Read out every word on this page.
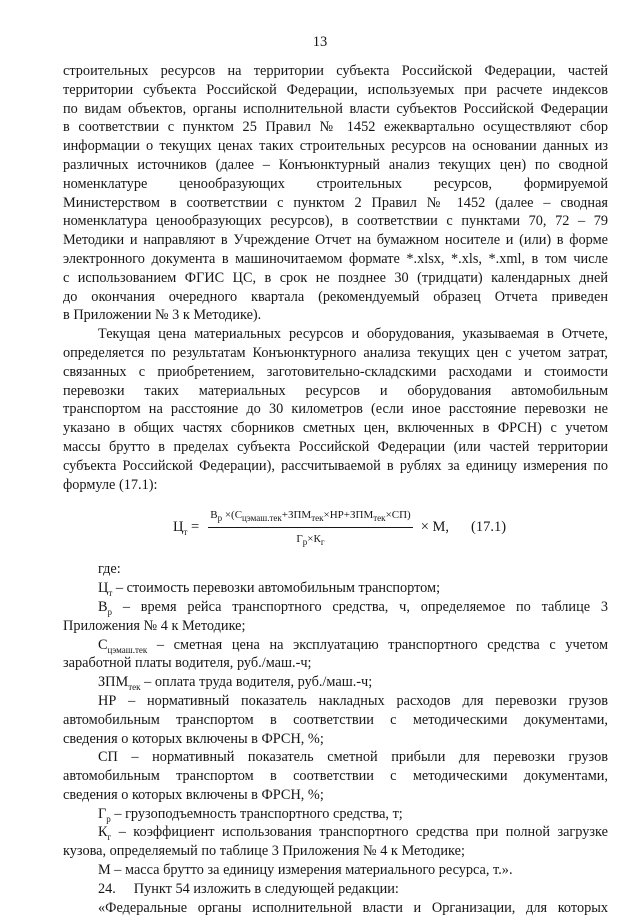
13
строительных ресурсов на территории субъекта Российской Федерации, частей
территории субъекта Российской Федерации, используемых при расчете индексов
по видам объектов, органы исполнительной власти субъектов Российской Федерации
в соответствии с пунктом 25 Правил № 1452 ежеквартально осуществляют сбор
информации о текущих ценах таких строительных ресурсов на основании данных из
различных источников (далее – Конъюнктурный анализ текущих цен) по сводной
номенклатуре ценообразующих строительных ресурсов, формируемой
Министерством в соответствии с пунктом 2 Правил № 1452 (далее – сводная
номенклатура ценообразующих ресурсов), в соответствии с пунктами 70, 72 – 79
Методики и направляют в Учреждение Отчет на бумажном носителе и (или) в форме
электронного документа в машиночитаемом формате *.xlsx, *.xls, *.xml, в том числе
с использованием ФГИС ЦС, в срок не позднее 30 (тридцати) календарных дней
до окончания очередного квартала (рекомендуемый образец Отчета приведен
в Приложении № 3 к Методике).
Текущая цена материальных ресурсов и оборудования, указываемая в Отчете,
определяется по результатам Конъюнктурного анализа текущих цен с учетом затрат,
связанных с приобретением, заготовительно-складскими расходами и стоимости
перевозки таких материальных ресурсов и оборудования автомобильным
транспортом на расстояние до 30 километров (если иное расстояние перевозки не
указано в общих частях сборников сметных цен, включенных в ФРСН) с учетом
массы брутто в пределах субъекта Российской Федерации (или частей территории
субъекта Российской Федерации), рассчитываемой в рублях за единицу измерения по
формуле (17.1):
$Ц_т = \frac{В_р \times(С_{цэмаш.тек}+ЗПМ_{тек}\times НР+ЗПМ_{тек}\times СП)}{Г_р\times К_г} \times М$, (17.1)
где:
$Ц_т$ – стоимость перевозки автомобильным транспортом;
$В_р$ – время рейса транспортного средства, ч, определяемое по таблице 3
Приложения № 4 к Методике;
$С_{цэмаш.тек}$ – сметная цена на эксплуатацию транспортного средства с учетом
заработной платы водителя, руб./маш.-ч;
$ЗПМ_{тек}$ – оплата труда водителя, руб./маш.-ч;
НР – нормативный показатель накладных расходов для перевозки грузов
автомобильным транспортом в соответствии с методическими документами,
сведения о которых включены в ФРСН, %;
СП – нормативный показатель сметной прибыли для перевозки грузов
автомобильным транспортом в соответствии с методическими документами,
сведения о которых включены в ФРСН, %;
$Г_р$ – грузоподъемность транспортного средства, т;
$К_г$ – коэффициент использования транспортного средства при полной загрузке
кузова, определяемый по таблице 3 Приложения № 4 к Методике;
М – масса брутто за единицу измерения материального ресурса, т.».
24. Пункт 54 изложить в следующей редакции:
«Федеральные органы исполнительной власти и Организации, для которых
